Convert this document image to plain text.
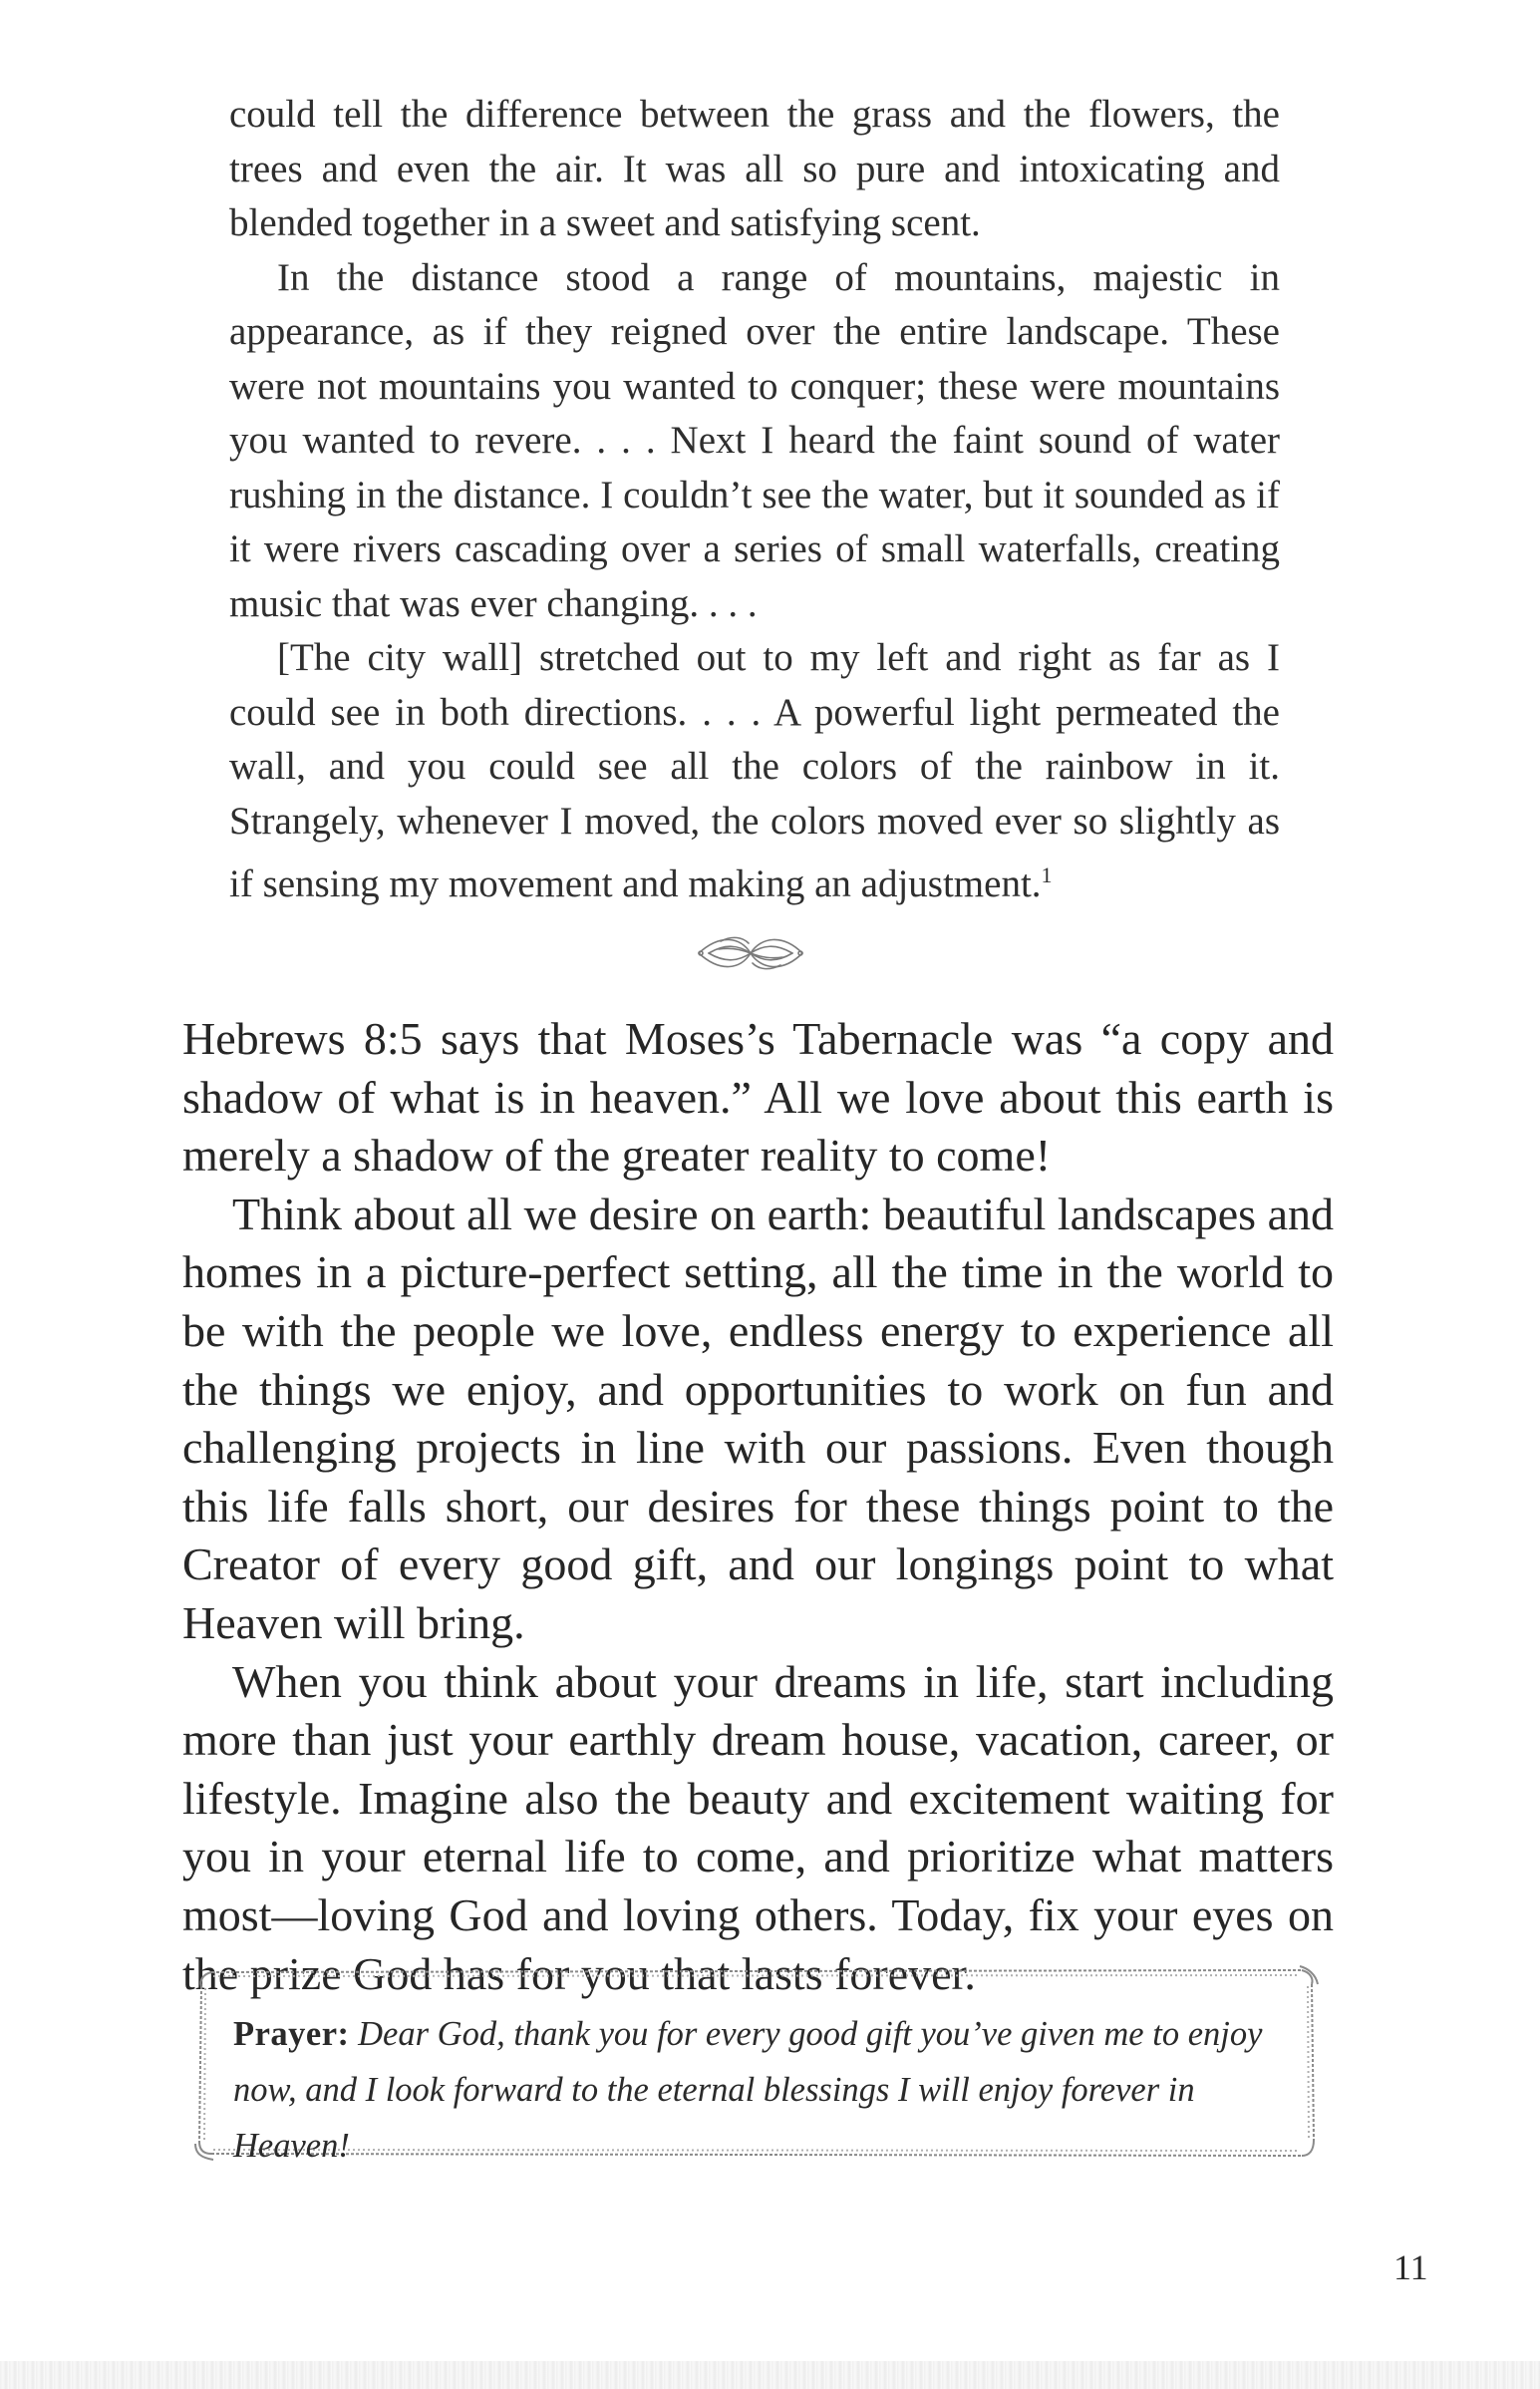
could tell the difference between the grass and the flowers, the trees and even the air. It was all so pure and intoxicating and blended together in a sweet and satisfying scent.

In the distance stood a range of mountains, majestic in appearance, as if they reigned over the entire landscape. These were not mountains you wanted to conquer; these were mountains you wanted to revere. . . . Next I heard the faint sound of water rushing in the distance. I couldn’t see the water, but it sounded as if it were rivers cascading over a series of small waterfalls, creating music that was ever changing. . . .

[The city wall] stretched out to my left and right as far as I could see in both directions. . . . A powerful light permeated the wall, and you could see all the colors of the rainbow in it. Strangely, whenever I moved, the colors moved ever so slightly as if sensing my movement and making an adjustment.$^1$

Hebrews 8:5 says that Moses’s Tabernacle was “a copy and shadow of what is in heaven.” All we love about this earth is merely a shadow of the greater reality to come!

Think about all we desire on earth: beautiful landscapes and homes in a picture-perfect setting, all the time in the world to be with the people we love, endless energy to experience all the things we enjoy, and opportunities to work on fun and challenging projects in line with our passions. Even though this life falls short, our desires for these things point to the Creator of every good gift, and our longings point to what Heaven will bring.

When you think about your dreams in life, start including more than just your earthly dream house, vacation, career, or lifestyle. Imagine also the beauty and excitement waiting for you in your eternal life to come, and prioritize what matters most—loving God and loving others. Today, fix your eyes on the prize God has for you that lasts forever.

Prayer: Dear God, thank you for every good gift you’ve given me to enjoy now, and I look forward to the eternal blessings I will enjoy forever in Heaven!
11
